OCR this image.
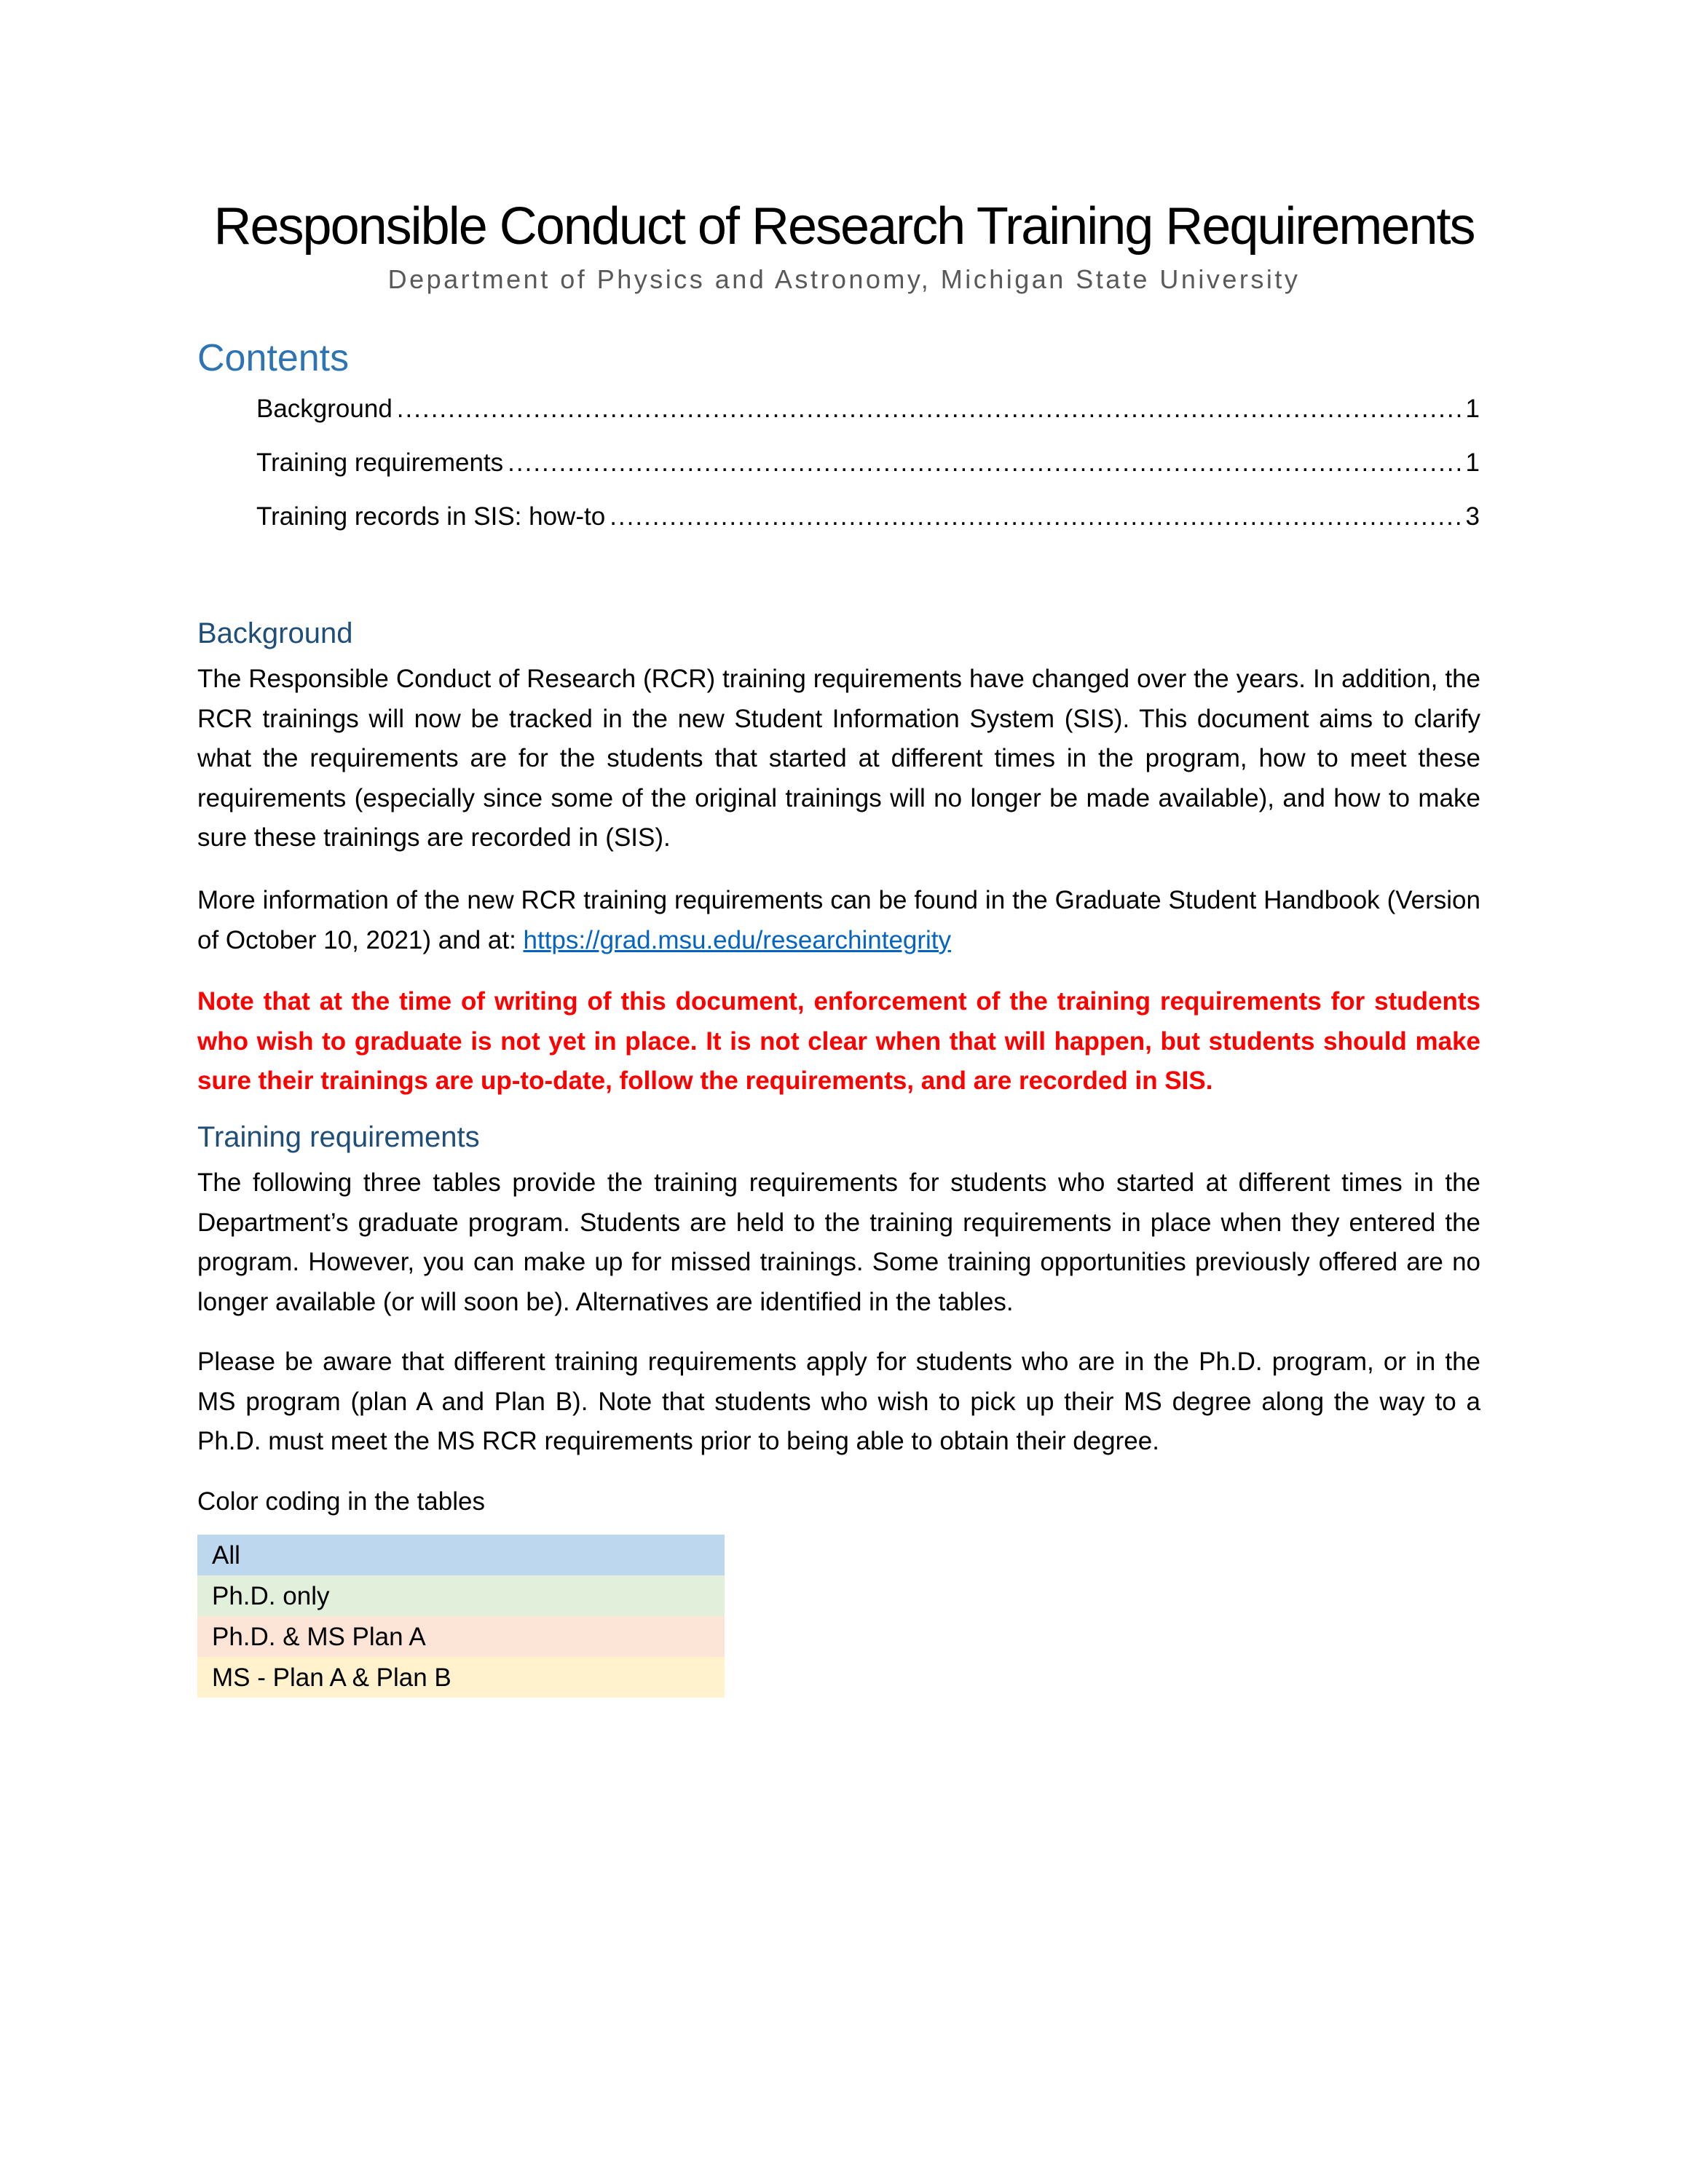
Responsible Conduct of Research Training Requirements
Department of Physics and Astronomy, Michigan State University
Contents
Background .....	1
Training requirements .....	1
Training records in SIS: how-to .....	3
Background

The Responsible Conduct of Research (RCR) training requirements have changed over the years. In addition, the RCR trainings will now be tracked in the new Student Information System (SIS). This document aims to clarify what the requirements are for the students that started at different times in the program, how to meet these requirements (especially since some of the original trainings will no longer be made available), and how to make sure these trainings are recorded in (SIS).

More information of the new RCR training requirements can be found in the Graduate Student Handbook (Version of October 10, 2021) and at: https://grad.msu.edu/researchintegrity

Note that at the time of writing of this document, enforcement of the training requirements for students who wish to graduate is not yet in place. It is not clear when that will happen, but students should make sure their trainings are up-to-date, follow the requirements, and are recorded in SIS.

Training requirements

The following three tables provide the training requirements for students who started at different times in the Department’s graduate program. Students are held to the training requirements in place when they entered the program. However, you can make up for missed trainings. Some training opportunities previously offered are no longer available (or will soon be). Alternatives are identified in the tables.

Please be aware that different training requirements apply for students who are in the Ph.D. program, or in the MS program (plan A and Plan B). Note that students who wish to pick up their MS degree along the way to a Ph.D. must meet the MS RCR requirements prior to being able to obtain their degree.

Color coding in the tables

All
Ph.D. only
Ph.D. & MS Plan A
MS - Plan A & Plan B
